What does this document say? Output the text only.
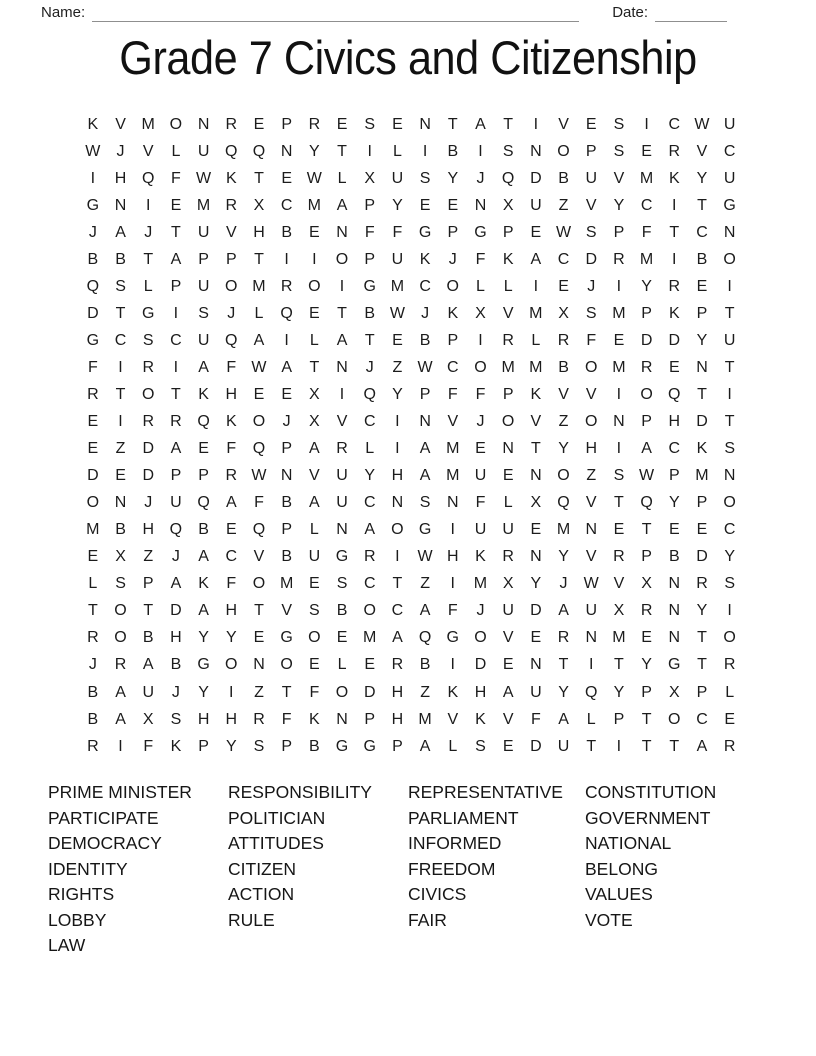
Name:	Date:
Grade 7 Civics and Citizenship
K	V M O N	R	E	P	R	E	S	E	N	T	A	T	I	V	E	S	I	C W U
W	J	V	L	U Q Q N	Y	T	I	L	I	B	I	S	N O	P	S	E	R	V	C
I	H Q	F W K	T	E W L	X	U	S	Y	J	Q D	B	U	V M K	Y	U
G N	I	E M R	X	C M A	P	Y	E	E	N	X	U	Z	V	Y	C	I	T	G
J	A	J	T	U	V	H	B	E	N	F	F	G	P	G	P	E W S	P	F	T	C	N
B	B	T	A	P	P	T	I	I	O	P	U	K	J	F	K	A	C	D	R M	I	B	O
Q	S	L	P	U O M R O	I	G M C O	L	L	I	E	J	I	Y	R	E	I
D	T	G	I	S	J	L	Q	E	T	B W	J	K	X	V M X	S M P	K	P	T
G C	S	C	U Q	A	I	L	A	T	E	B	P	I	R	L	R	F	E	D	D	Y	U
F	I	R	I	A	F W A	T	N	J	Z W C O M M B	O M R	E	N	T
R	T	O	T	K	H	E	E	X	I	Q	Y	P	F	F	P	K	V	V	I	O Q	T	I
E	I	R	R Q	K	O	J	X	V	C	I	N	V	J	O	V	Z	O N	P	H	D	T
E	Z	D	A	E	F	Q	P	A	R	L	I	A M E	N	T	Y	H	I	A	C	K	S
D	E	D	P	P	R W N	V	U	Y	H	A M U	E	N O	Z	S W P M N
O N	J	U Q	A	F	B	A	U	C	N	S	N	F	L	X	Q	V	T	Q	Y	P	O
M B	H Q	B	E	Q	P	L	N	A	O G	I	U	U	E M N	E	T	E	E	C
E	X	Z	J	A	C	V	B	U G R	I	W H	K	R	N	Y	V	R	P	B	D	Y
L	S	P	A	K	F	O M E	S	C	T	Z	I	M X	Y	J	W V	X	N	R	S
T	O	T	D	A	H	T	V	S	B	O C	A	F	J	U	D	A	U	X	R	N	Y	I
R O	B	H	Y	Y	E	G O	E M A	Q G O	V	E	R	N M E	N	T	O
J	R	A	B	G O N O	E	L	E	R	B	I	D	E	N	T	I	T	Y	G	T	R
B	A	U	J	Y	I	Z	T	F	O D	H	Z	K	H	A	U	Y	Q	Y	P	X	P	L
B	A	X	S	H	H	R	F	K	N	P	H M V	K	V	F	A	L	P	T	O C	E
R	I	F	K	P	Y	S	P	B	G G	P	A	L	S	E	D	U	T	I	T	T	A	R
PRIME MINISTER
PARTICIPATE
DEMOCRACY
IDENTITY
RIGHTS
LOBBY
LAW
RESPONSIBILITY
POLITICIAN
ATTITUDES
CITIZEN
ACTION
RULE
REPRESENTATIVE
PARLIAMENT
INFORMED
FREEDOM
CIVICS
FAIR
CONSTITUTION
GOVERNMENT
NATIONAL
BELONG
VALUES
VOTE
